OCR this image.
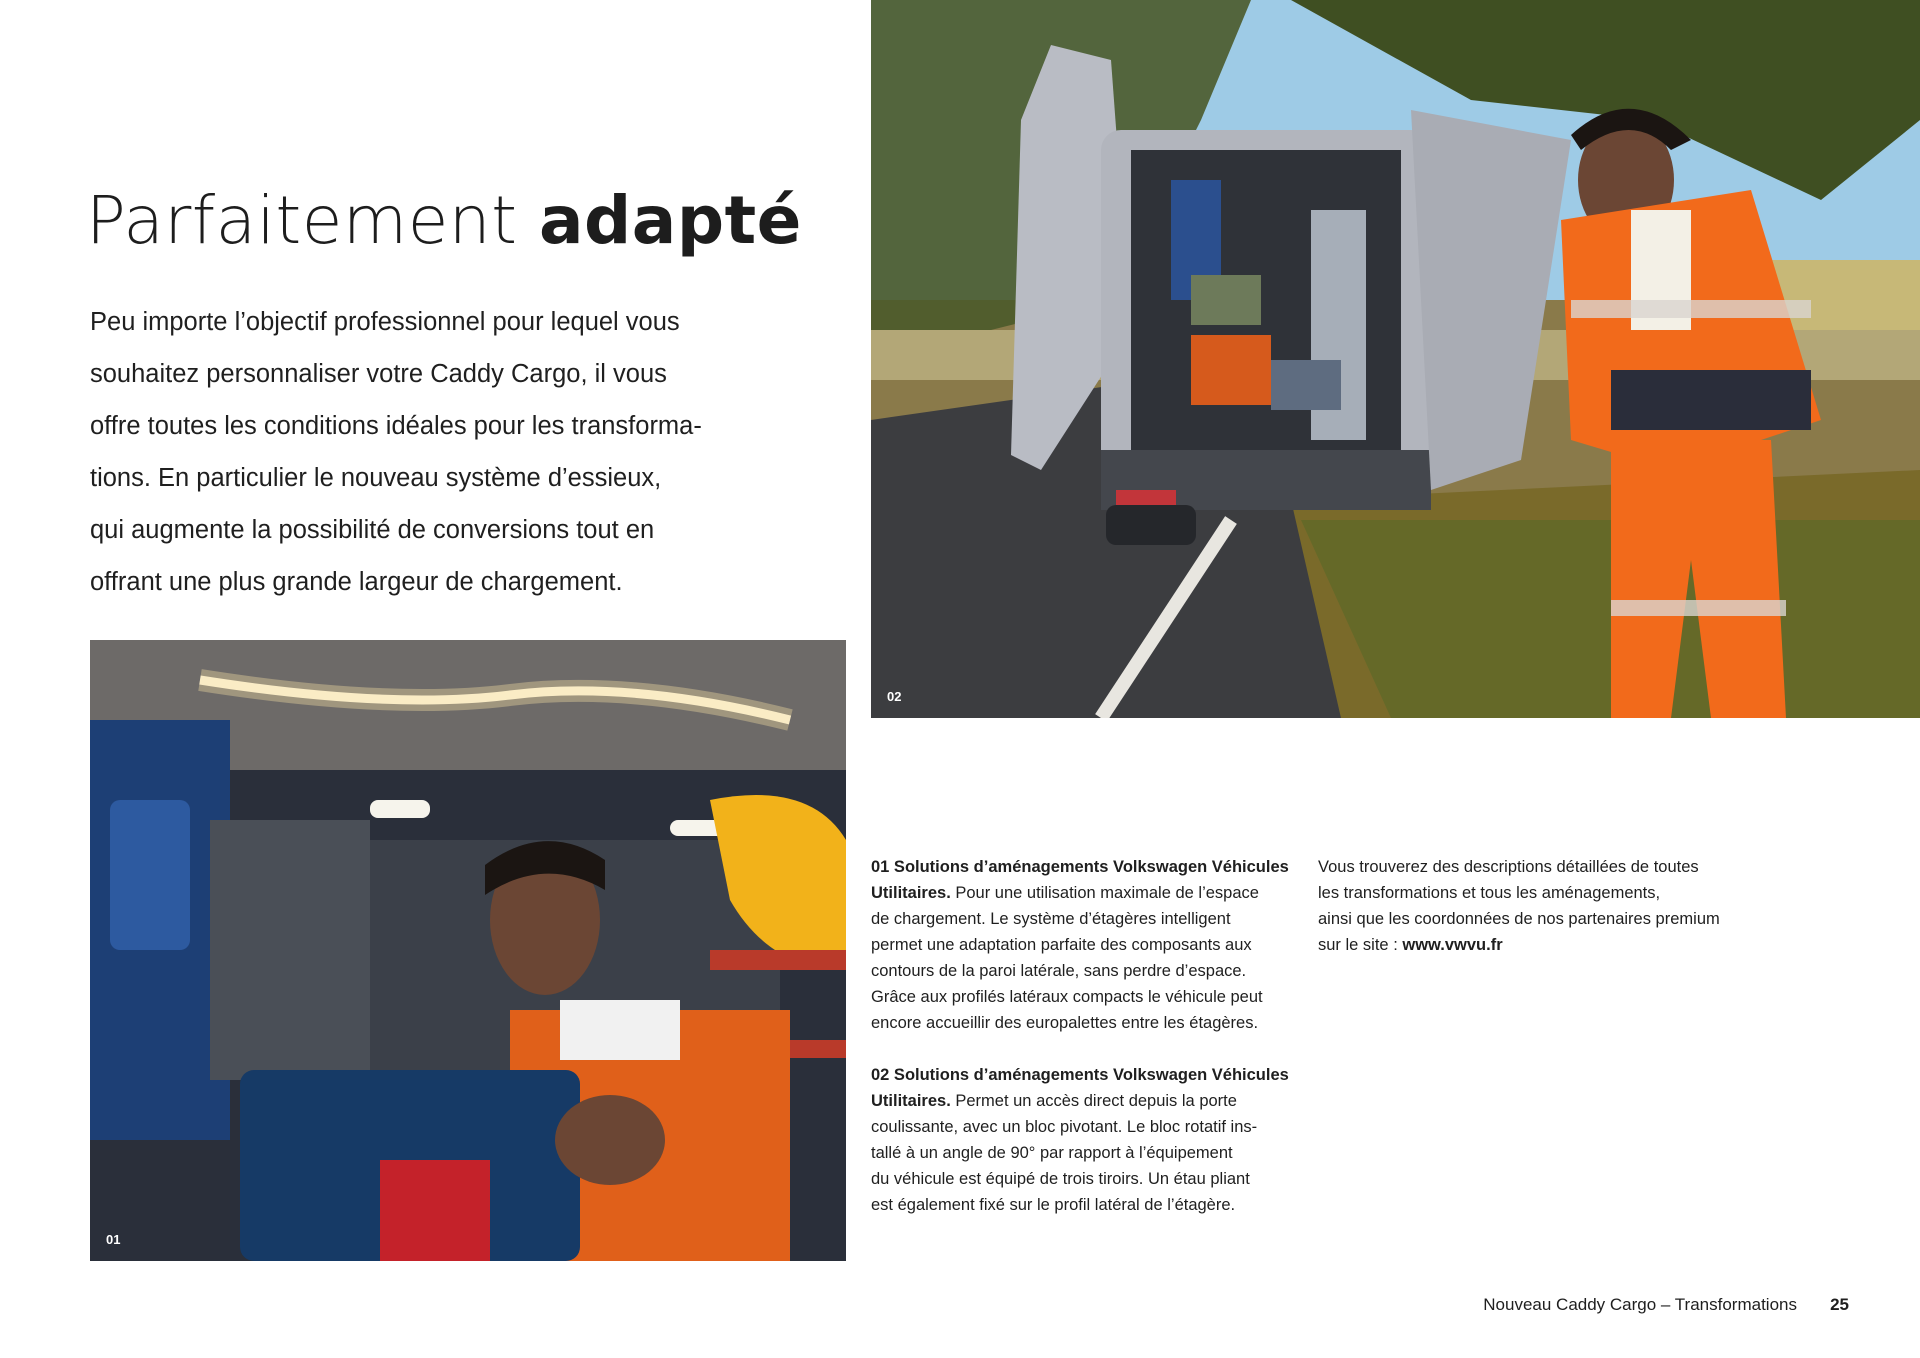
Parfaitement adapté
Peu importe l’objectif professionnel pour lequel vous
souhaitez personnaliser votre Caddy Cargo, il vous
offre toutes les conditions idéales pour les transforma-
tions. En particulier le nouveau système d’essieux,
qui augmente la possibilité de conversions tout en
offrant une plus grande largeur de chargement.
01
02

01 Solutions d’aménagements Volkswagen Véhicules
Utilitaires. Pour une utilisation maximale de l’espace
de chargement. Le système d’étagères intelligent
permet une adaptation parfaite des composants aux
contours de la paroi latérale, sans perdre d’espace.
Grâce aux profilés latéraux compacts le véhicule peut
encore accueillir des europalettes entre les étagères.

02 Solutions d’aménagements Volkswagen Véhicules
Utilitaires. Permet un accès direct depuis la porte
coulissante, avec un bloc pivotant. Le bloc rotatif ins-
tallé à un angle de 90° par rapport à l’équipement
du véhicule est équipé de trois tiroirs. Un étau pliant
est également fixé sur le profil latéral de l’étagère.

Vous trouverez des descriptions détaillées de toutes
les transformations et tous les aménagements,
ainsi que les coordonnées de nos partenaires premium
sur le site : www.vwvu.fr

Nouveau Caddy Cargo – Transformations 25
